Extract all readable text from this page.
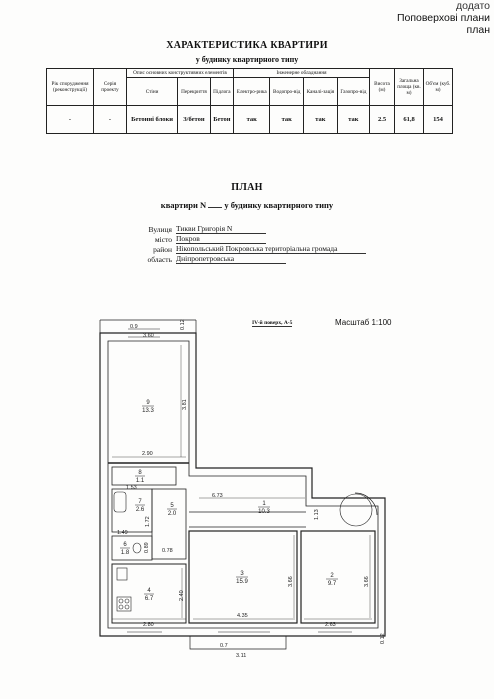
додато
Поповерхові плани
план
ХАРАКТЕРИСТИКА КВАРТИРИ
у будинку квартирного типу
Рік спорудження (реконструкції)	Серія проекту	Опис основних конструктивних елементів			Інженерне обладнання				Висота (м)	Загальна площа (кв. м)	Об'єм (куб. м)
		Стіни	Перекриття	Підлога	Електро-рика	Водопро-від	Каналі-зація	Газопро-від			
-	-	Бетонні блоки	З/бетон	Бетон	так	так	так	так	2.5	61,8	154
ПЛАН
квартири N у будинку квартирного типу
Вулиця Тикви Григорія N
місто Покров
район Нікопольський Покровська територіальна громада
область Дніпропетровська
IV-й поверх, А-5	Масштаб 1:100
0.9
3.60
0.12
3.81
2.90
6.73
1.13
1.72
0.78
0.89
1.53
1.49
2.40
2.80
4.35
2.63
3.66	3.66
0.7
3.11
0.12
9
13.3
8
1.1
7
2.6
5
2.0
6
1.8
1
10.3
4
6.7
3
15.9
2
9.7
